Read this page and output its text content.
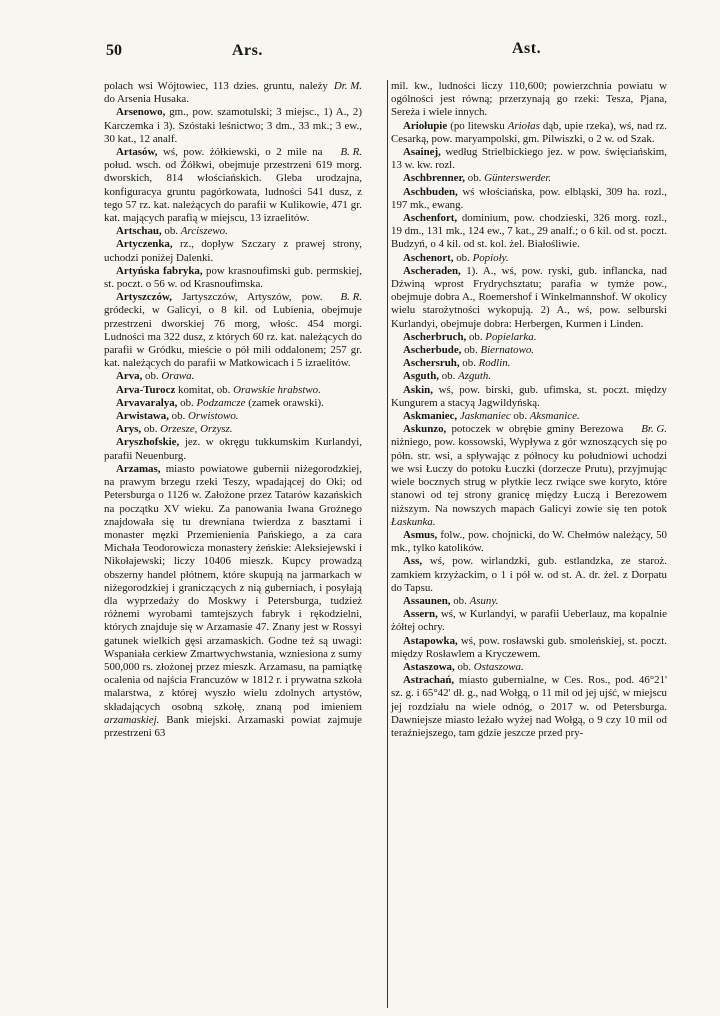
50	Ars.	Ast.

Dr. M.
polach wsi Wójtowiec, 113 dzies. gruntu, należy do Arsenia Husaka.

Arsenowo, gm., pow. szamotulski; 3 miejsc., 1) A., 2) Karczemka i 3). Szóstaki leśnictwo; 3 dm., 33 mk.; 3 ew., 30 kat., 12 analf.

B. R.
Artasów, wś, pow. żółkiewski, o 2 mile na połud. wsch. od Żółkwi, obejmuje przestrzeni 619 morg. dworskich, 814 włościańskich. Gleba urodzajna, konfiguracya gruntu pagórkowata, ludności 541 dusz, z tego 57 rz. kat. należących do parafii w Kulikowie, 471 gr. kat. mających parafią w miejscu, 13 izraelitów.

Artschau, ob. Arciszewo.

Artyczenka, rz., dopływ Szczary z prawej strony, uchodzi poniżej Dalenki.

Artyńska fabryka, pow krasnoufimski gub. permskiej, st. poczt. o 56 w. od Krasnoufimska.

B. R.
Artyszczów, Jartyszczów, Artyszów, pow. gródecki, w Galicyi, o 8 kil. od Lubienia, obejmuje przestrzeni dworskiej 76 morg, włośc. 454 morgi. Ludności ma 322 dusz, z których 60 rz. kat. należących do parafii w Gródku, mieście o pół mili oddalonem; 257 gr. kat. należących do parafii w Matkowicach i 5 izraelitów.

Arva, ob. Orawa.

Arva-Turocz komitat, ob. Orawskie hrabstwo.

Arvavaralya, ob. Podzamcze (zamek orawski).

Arwistawa, ob. Orwistowo.

Arys, ob. Orzesze, Orzysz.

Aryszhofskie, jez. w okręgu tukkumskim Kurlandyi, parafii Neuenburg.

Arzamas, miasto powiatowe gubernii niżegorodzkiej, na prawym brzegu rzeki Teszy, wpadającej do Oki; od Petersburga o 1126 w. Założone przez Tatarów kazańskich na początku XV wieku. Za panowania Iwana Groźnego znajdowała się tu drewniana twierdza z basztami i monaster męzki Przemienienia Pańskiego, a za cara Michała Teodorowicza monastery żeńskie: Aleksiejewski i Nikołajewski; liczy 10406 mieszk. Kupcy prowadzą obszerny handel płótnem, które skupują na jarmarkach w niżegorodzkiej i graniczących z nią guberniach, i posyłają dla wyprzedaży do Moskwy i Petersburga, tudzież różnemi wyrobami tamtejszych fabryk i rękodzielni, których znajduje się w Arzamasie 47. Znany jest w Rossyi gatunek wielkich gęsi arzamaskich. Godne też są uwagi: Wspaniała cerkiew Zmartwychwstania, wzniesiona z sumy 500,000 rs. złożonej przez mieszk. Arzamasu, na pamiątkę ocalenia od najścia Francuzów w 1812 r. i prywatna szkoła malarstwa, z której wyszło wielu zdolnych artystów, składających osobną szkołę, znaną pod imieniem arzamaskiej. Bank miejski. Arzamaski powiat zajmuje przestrzeni 63

mil. kw., ludności liczy 110,600; powierzchnia powiatu w ogólności jest równą; przerzynają go rzeki: Tesza, Pjana, Sereża i wiele innych.

Ariołupie (po litewsku Ariołas dąb, upie rzeka), wś, nad rz. Cesarką, pow. maryampolski, gm. Pilwiszki, o 2 w. od Szak.

Asainej, według Strielbickiego jez. w pow. święciańskim, 13 w. kw. rozl.

Aschbrenner, ob. Günterswerder.

Aschbuden, wś włościańska, pow. elbląski, 309 ha. rozl., 197 mk., ewang.

Aschenfort, dominium, pow. chodzieski, 326 morg. rozl., 19 dm., 131 mk., 124 ew., 7 kat., 29 analf.; o 6 kil. od st. poczt. Budzyń, o 4 kil. od st. kol. żel. Białośliwie.

Aschenort, ob. Popioły.

Ascheraden, 1). A., wś, pow. ryski, gub. inflancka, nad Dźwiną wprost Frydrychsztatu; parafia w tymże pow., obejmuje dobra A., Roemershof i Winkelmannshof. W okolicy wielu starożytności wykopują. 2) A., wś, pow. selburski Kurlandyi, obejmuje dobra: Herbergen, Kurmen i Linden.

Ascherbruch, ob. Popielarka.

Ascherbude, ob. Biernatowo.

Aschersruh, ob. Rodlin.

Asguth, ob. Azguth.

Askin, wś, pow. birski, gub. ufimska, st. poczt. między Kungurem a stacyą Jagwildyńską.

Askmaniec, Jaskmaniec ob. Aksmanice.

Br. G.
Askunzo, potoczek w obrębie gminy Berezowa niżniego, pow. kossowski, Wypływa z gór wznoszących się po półn. str. wsi, a spływając z północy ku południowi uchodzi we wsi Łuczy do potoku Łuczki (dorzecze Prutu), przyjmując wiele bocznych strug w płytkie lecz rwiące swe koryto, które stanowi od tej strony granicę między Łuczą i Berezowem niższym. Na nowszych mapach Galicyi zowie się ten potok Łaskunka.

Asmus, folw., pow. chojnicki, do W. Chełmów należący, 50 mk., tylko katolików.

Ass, wś, pow. wirlandzki, gub. estlandzka, ze staroż. zamkiem krzyżackim, o 1 i pół w. od st. A. dr. żel. z Dorpatu do Tapsu.

Assaunen, ob. Asuny.

Assern, wś, w Kurlandyi, w parafii Ueberlauz, ma kopalnie żółtej ochry.

Astapowka, wś, pow. rosławski gub. smoleńskiej, st. poczt. między Rosławlem a Kryczewem.

Astaszowa, ob. Ostaszowa.

Astrachań, miasto gubernialne, w Ces. Ros., pod. 46°21' sz. g. i 65°42' dł. g., nad Wołgą, o 11 mil od jej ujść, w miejscu jej rozdziału na wiele odnóg, o 2017 w. od Petersburga. Dawniejsze miasto leżało wyżej nad Wołgą, o 9 czy 10 mil od teraźniejszego, tam gdzie jeszcze przed pry-
